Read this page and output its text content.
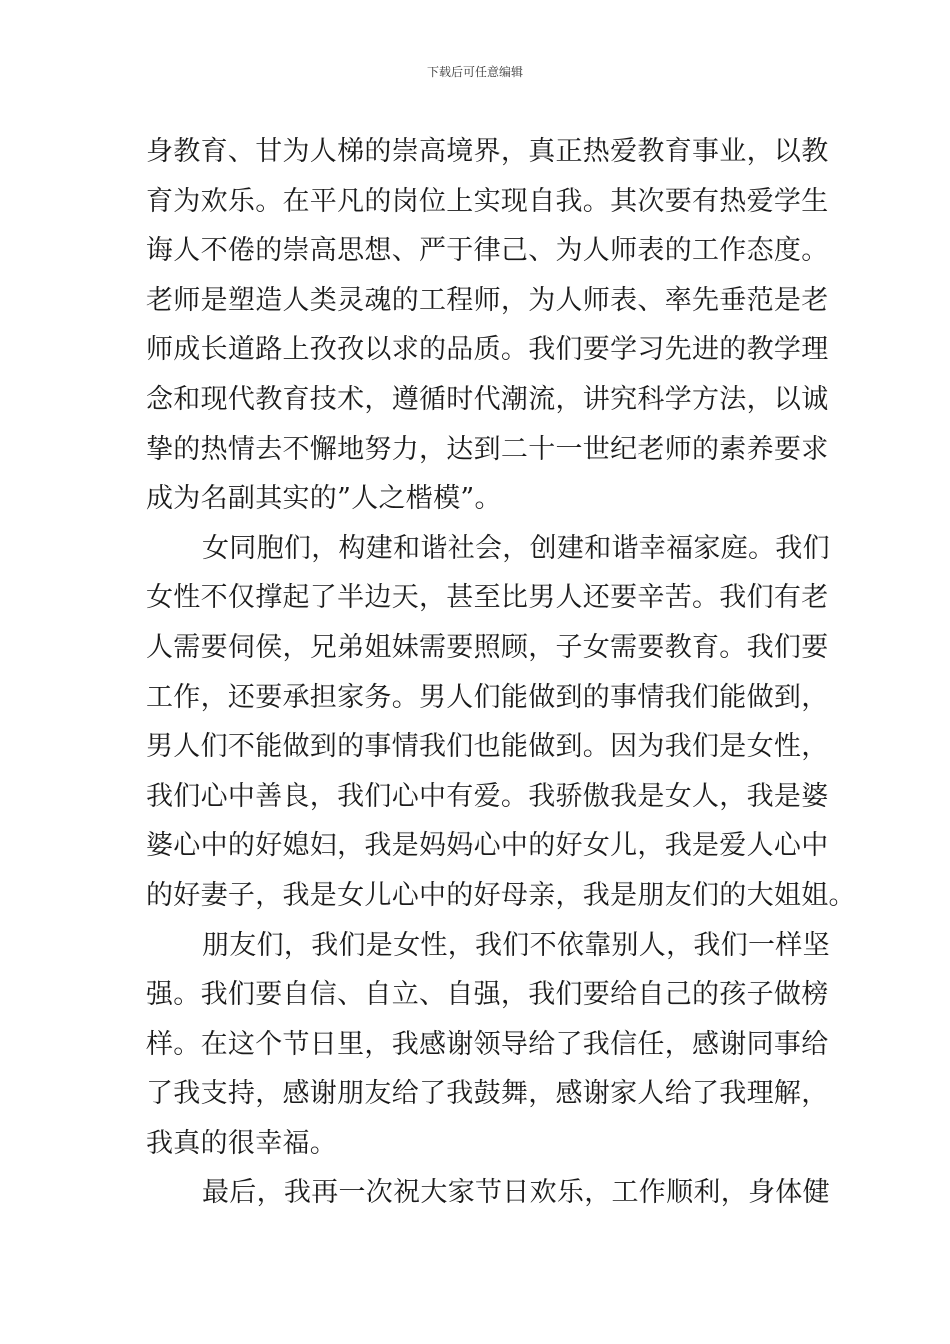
下载后可任意编辑
身教育、甘为人梯的崇高境界，真正热爱教育事业，以教
育为欢乐。在平凡的岗位上实现自我。其次要有热爱学生
诲人不倦的崇高思想、严于律己、为人师表的工作态度。
老师是塑造人类灵魂的工程师，为人师表、率先垂范是老
师成长道路上孜孜以求的品质。我们要学习先进的教学理
念和现代教育技术，遵循时代潮流，讲究科学方法，以诚
挚的热情去不懈地努力，达到二十一世纪老师的素养要求
成为名副其实的”人之楷模”。
女同胞们，构建和谐社会，创建和谐幸福家庭。我们
女性不仅撑起了半边天，甚至比男人还要辛苦。我们有老
人需要伺侯，兄弟姐妹需要照顾，子女需要教育。我们要
工作，还要承担家务。男人们能做到的事情我们能做到，
男人们不能做到的事情我们也能做到。因为我们是女性，
我们心中善良，我们心中有爱。我骄傲我是女人，我是婆
婆心中的好媳妇，我是妈妈心中的好女儿，我是爱人心中
的好妻子，我是女儿心中的好母亲，我是朋友们的大姐姐。
朋友们，我们是女性，我们不依靠别人，我们一样坚
强。我们要自信、自立、自强，我们要给自己的孩子做榜
样。在这个节日里，我感谢领导给了我信任，感谢同事给
了我支持，感谢朋友给了我鼓舞，感谢家人给了我理解，
我真的很幸福。
最后，我再一次祝大家节日欢乐，工作顺利，身体健
